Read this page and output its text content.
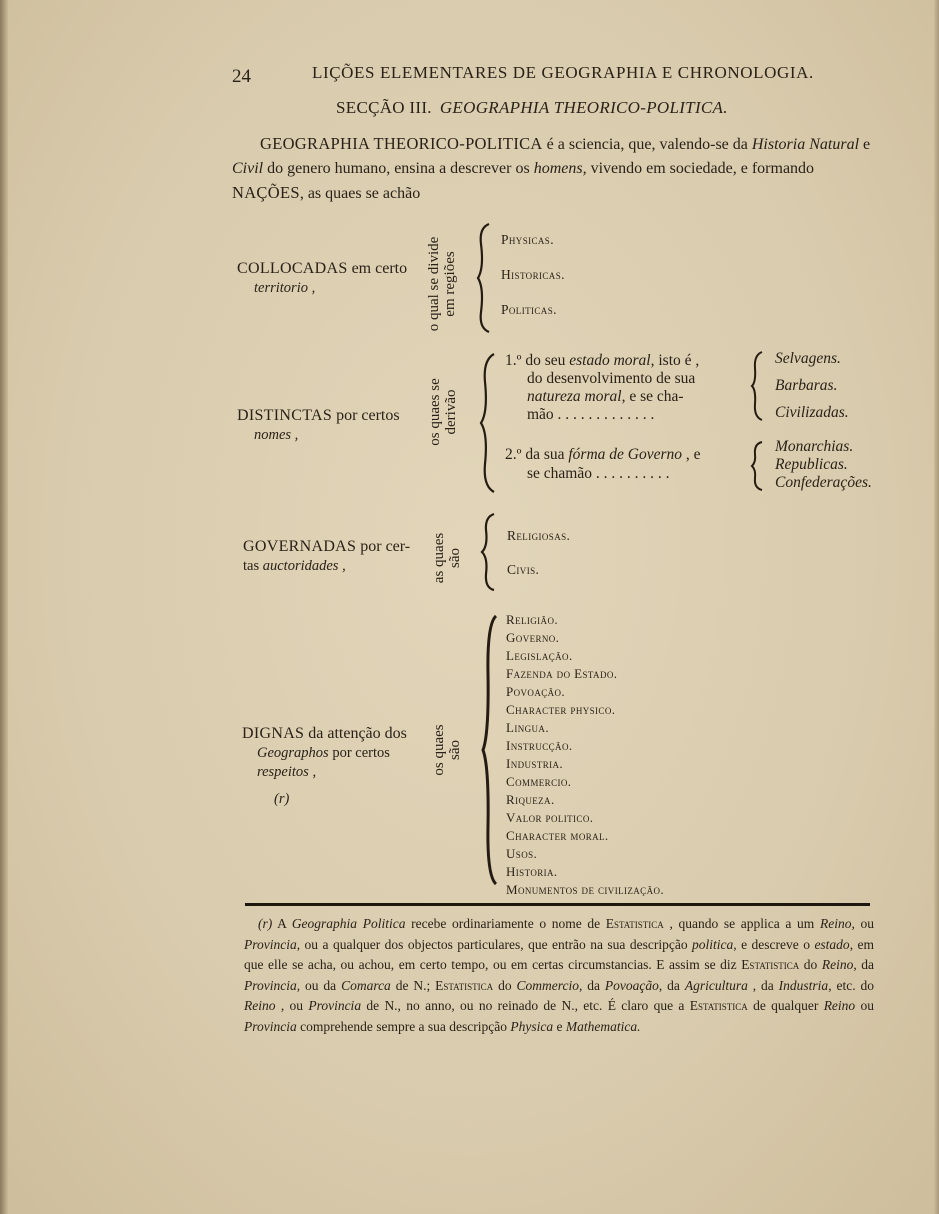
24	LIÇÕES ELEMENTARES DE GEOGRAPHIA E CHRONOLOGIA.
SECÇÃO III. GEOGRAPHIA THEORICO-POLITICA.
GEOGRAPHIA THEORICO-POLITICA é a sciencia, que, valendo-se da Historia Natural e Civil do genero humano, ensina a descrever os homens, vivendo em sociedade, e formando NAÇÕES, as quaes se achão
COLLOCADAS em certo
territorio ,	o qual se divide em regiões
Physicas.
Historicas.
Politicas.
DISTINCTAS por certos
nomes ,	os quaes se derivão
1.º do seu estado moral, isto é ,
do desenvolvimento de sua
natureza moral, e se cha-
mão . . . . . . . . . . . . .
Selvagens.
Barbaras.
Civilizadas.
2.º da sua fórma de Governo , e
se chamão . . . . . . . . . .
Monarchias.
Republicas.
Confederações.
GOVERNADAS por cer-
tas auctoridades ,	as quaes são
Religiosas.
Civis.
DIGNAS da attenção dos
Geographos por certos
respeitos ,
(r)
os quaes são
Religião.
Governo.
Legislação.
Fazenda do Estado.
Povoação.
Character physico.
Lingua.
Instrucção.
Industria.
Commercio.
Riqueza.
Valor politico.
Character moral.
Usos.
Historia.
Monumentos de civilização.
(r) A Geographia Politica recebe ordinariamente o nome de Estatistica , quando se applica a um Reino, ou Provincia, ou a qualquer dos objectos particulares, que entrão na sua descripção politica, e descreve o estado, em que elle se acha, ou achou, em certo tempo, ou em certas circumstancias. E assim se diz Estatistica do Reino, da Provincia, ou da Comarca de N.; Estatistica do Commercio, da Povoação, da Agricultura , da Industria, etc. do Reino , ou Provincia de N., no anno, ou no reinado de N., etc. É claro que a Estatistica de qualquer Reino ou Provincia comprehende sempre a sua descripção Physica e Mathematica.
